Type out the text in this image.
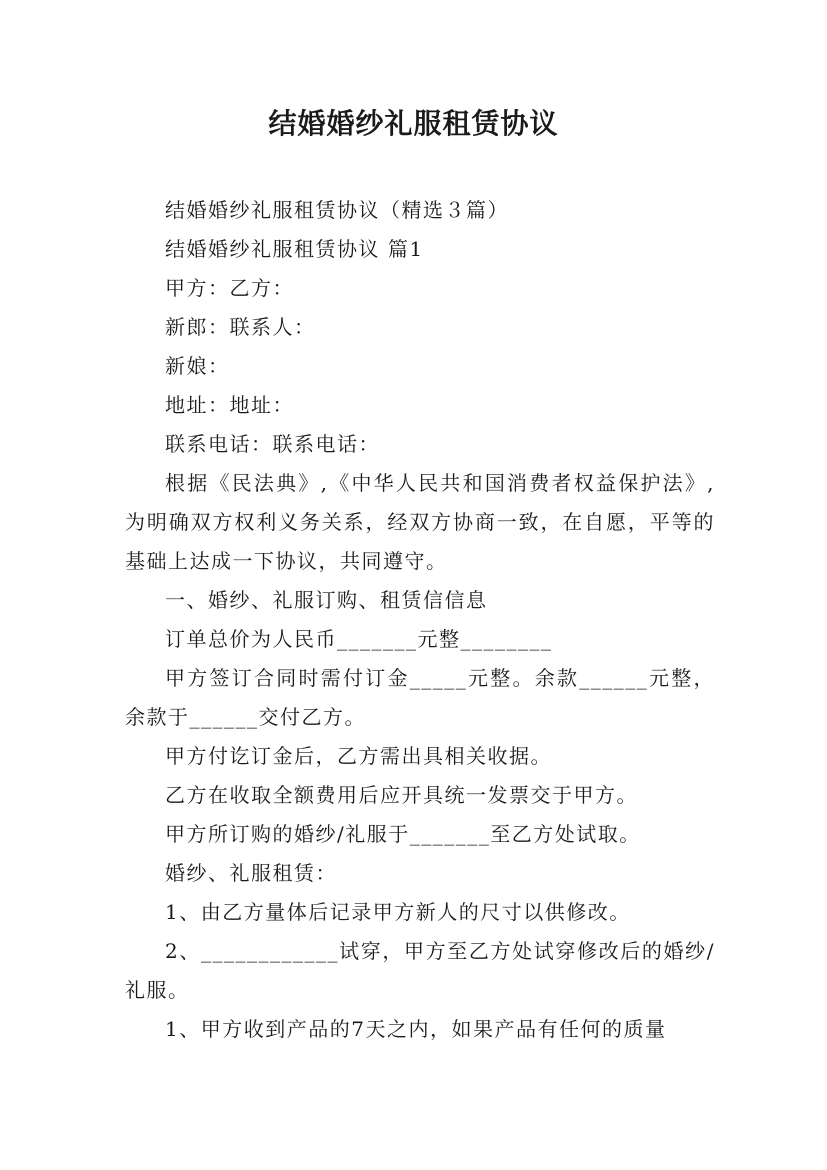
结婚婚纱礼服租赁协议

结婚婚纱礼服租赁协议（精选３篇）

结婚婚纱礼服租赁协议 篇1

甲方：乙方：

新郎：联系人：

新娘：

地址：地址：

联系电话：联系电话：

根据《民法典》,《中华人民共和国消费者权益保护法》,为明确双方权利义务关系，经双方协商一致，在自愿，平等的基础上达成一下协议，共同遵守。

一、婚纱、礼服订购、租赁信信息

订单总价为人民币_______元整________

甲方签订合同时需付订金_____元整。余款______元整，余款于______交付乙方。

甲方付讫订金后，乙方需出具相关收据。

乙方在收取全额费用后应开具统一发票交于甲方。

甲方所订购的婚纱/礼服于_______至乙方处试取。

婚纱、礼服租赁：

1、由乙方量体后记录甲方新人的尺寸以供修改。

2、____________试穿，甲方至乙方处试穿修改后的婚纱/礼服。

1、甲方收到产品的7天之内，如果产品有任何的质量
